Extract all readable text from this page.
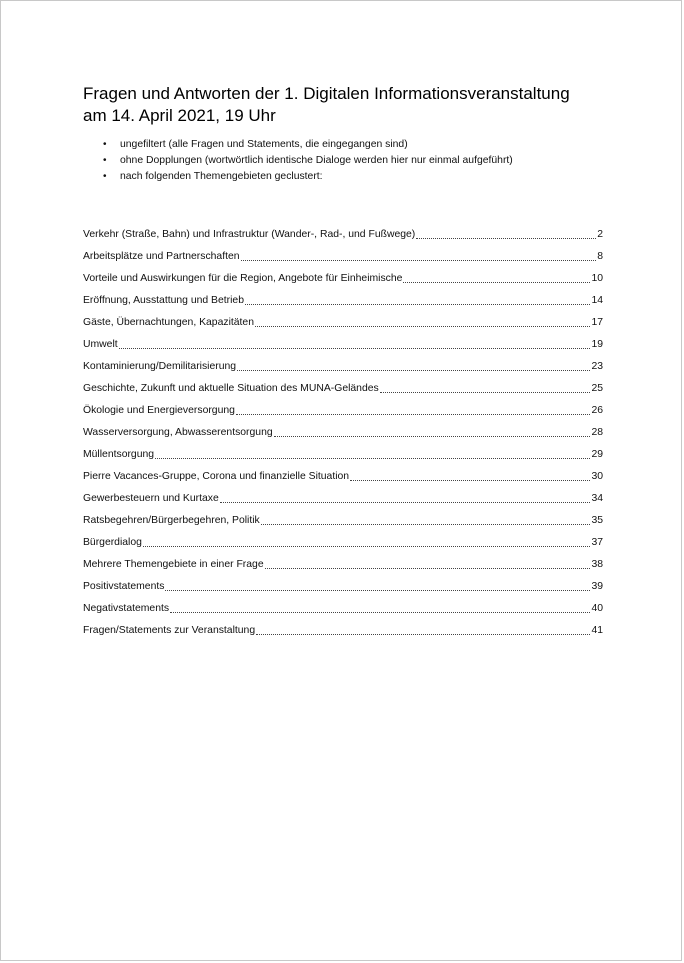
Fragen und Antworten der 1. Digitalen Informationsveranstaltung
am 14. April 2021, 19 Uhr
•	ungefiltert (alle Fragen und Statements, die eingegangen sind)
•	ohne Dopplungen (wortwörtlich identische Dialoge werden hier nur einmal aufgeführt)
•	nach folgenden Themengebieten geclustert:
Verkehr (Straße, Bahn) und Infrastruktur (Wander-, Rad-, und Fußwege)	2
Arbeitsplätze und Partnerschaften	8
Vorteile und Auswirkungen für die Region, Angebote für Einheimische	10
Eröffnung, Ausstattung und Betrieb	14
Gäste, Übernachtungen, Kapazitäten	17
Umwelt	19
Kontaminierung/Demilitarisierung	23
Geschichte, Zukunft und aktuelle Situation des MUNA-Geländes	25
Ökologie und Energieversorgung	26
Wasserversorgung, Abwasserentsorgung	28
Müllentsorgung	29
Pierre Vacances-Gruppe, Corona und finanzielle Situation	30
Gewerbesteuern und Kurtaxe	34
Ratsbegehren/Bürgerbegehren, Politik	35
Bürgerdialog	37
Mehrere Themengebiete in einer Frage	38
Positivstatements	39
Negativstatements	40
Fragen/Statements zur Veranstaltung	41
